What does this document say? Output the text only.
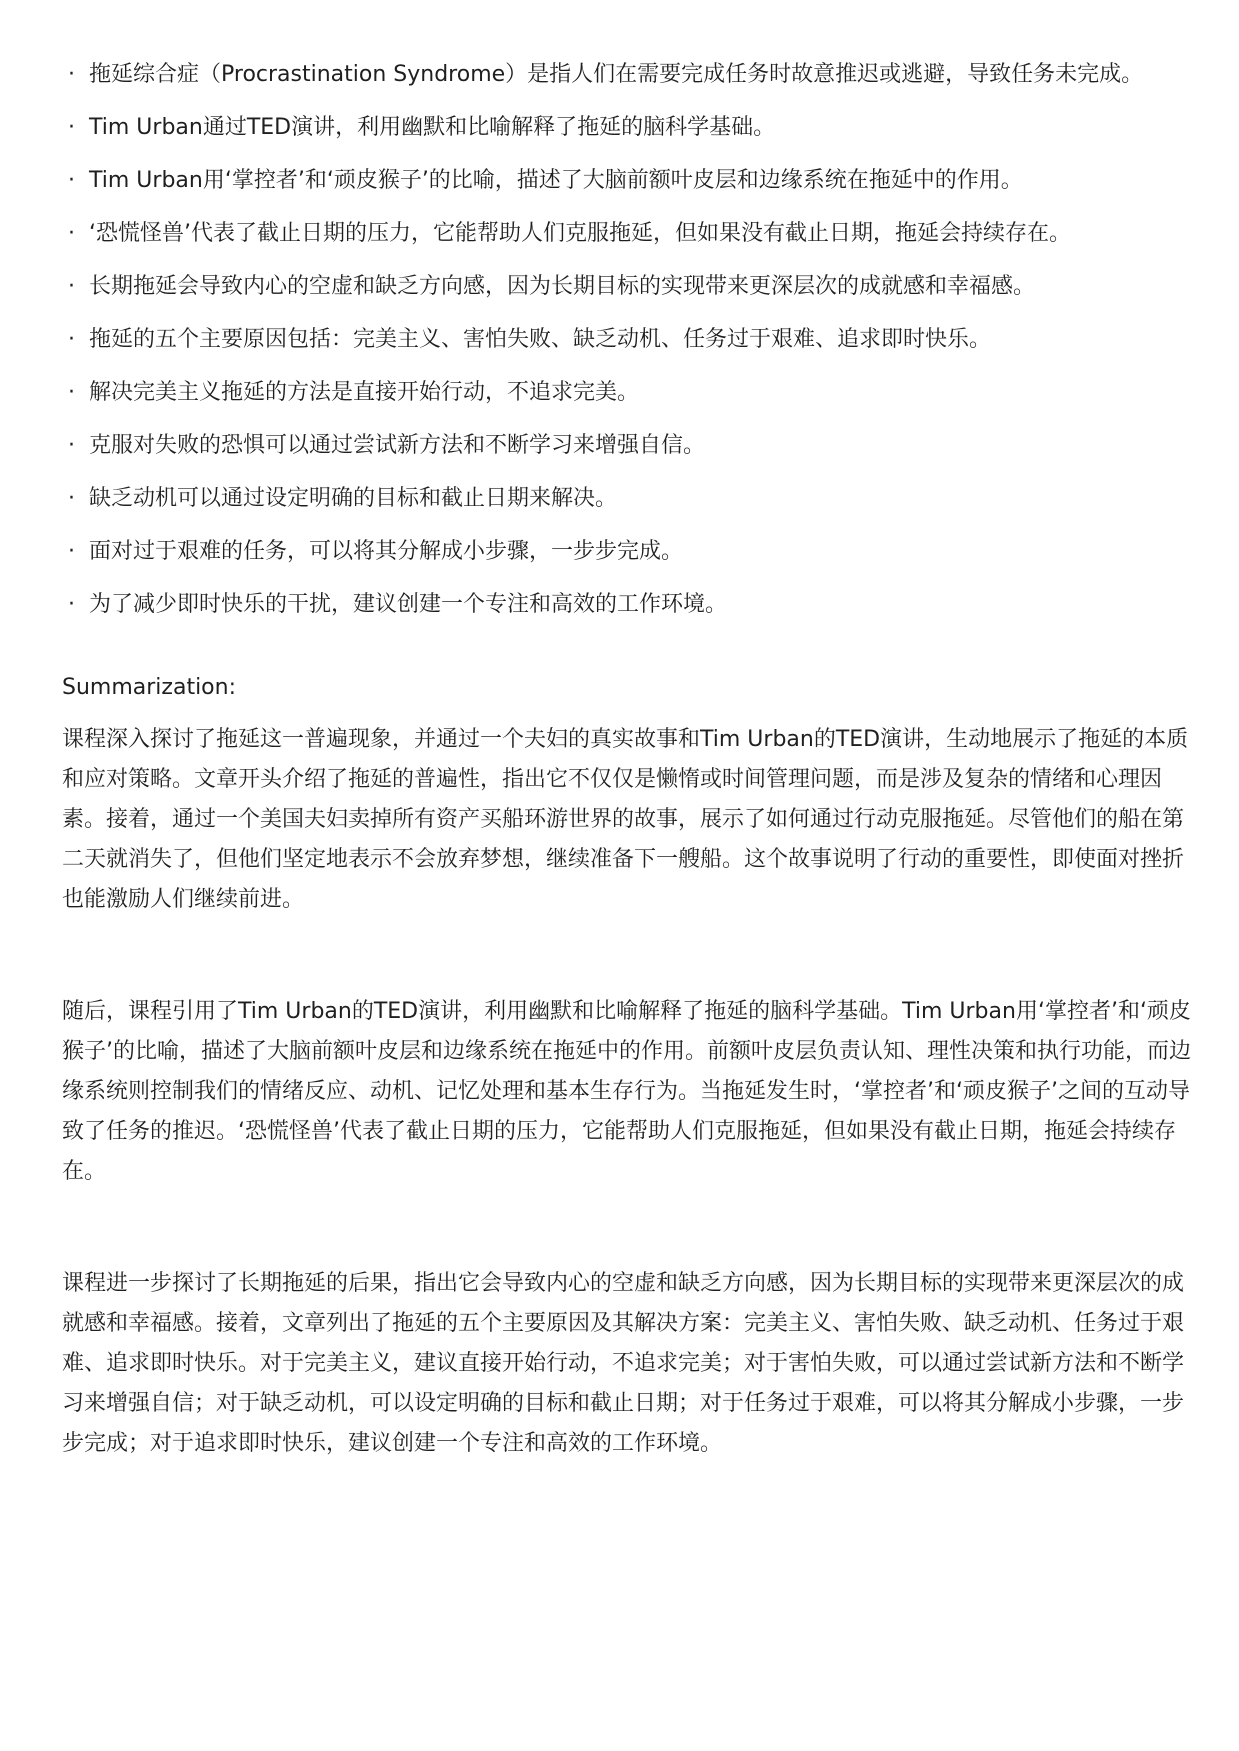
· 拖延综合症（Procrastination Syndrome）是指人们在需要完成任务时故意推迟或逃避，导致任务未完成。
· Tim Urban通过TED演讲，利用幽默和比喻解释了拖延的脑科学基础。
· Tim Urban用‘掌控者’和‘顽皮猴子’的比喻，描述了大脑前额叶皮层和边缘系统在拖延中的作用。
· ‘恐慌怪兽’代表了截止日期的压力，它能帮助人们克服拖延，但如果没有截止日期，拖延会持续存在。
· 长期拖延会导致内心的空虚和缺乏方向感，因为长期目标的实现带来更深层次的成就感和幸福感。
· 拖延的五个主要原因包括：完美主义、害怕失败、缺乏动机、任务过于艰难、追求即时快乐。
· 解决完美主义拖延的方法是直接开始行动，不追求完美。
· 克服对失败的恐惧可以通过尝试新方法和不断学习来增强自信。
· 缺乏动机可以通过设定明确的目标和截止日期来解决。
· 面对过于艰难的任务，可以将其分解成小步骤，一步步完成。
· 为了减少即时快乐的干扰，建议创建一个专注和高效的工作环境。
Summarization:

课程深入探讨了拖延这一普遍现象，并通过一个夫妇的真实故事和Tim Urban的TED演讲，生动地展示了拖延的本质和应对策略。文章开头介绍了拖延的普遍性，指出它不仅仅是懒惰或时间管理问题，而是涉及复杂的情绪和心理因素。接着，通过一个美国夫妇卖掉所有资产买船环游世界的故事，展示了如何通过行动克服拖延。尽管他们的船在第二天就消失了，但他们坚定地表示不会放弃梦想，继续准备下一艘船。这个故事说明了行动的重要性，即使面对挫折也能激励人们继续前进。

随后，课程引用了Tim Urban的TED演讲，利用幽默和比喻解释了拖延的脑科学基础。Tim Urban用‘掌控者’和‘顽皮猴子’的比喻，描述了大脑前额叶皮层和边缘系统在拖延中的作用。前额叶皮层负责认知、理性决策和执行功能，而边缘系统则控制我们的情绪反应、动机、记忆处理和基本生存行为。当拖延发生时，‘掌控者’和‘顽皮猴子’之间的互动导致了任务的推迟。‘恐慌怪兽’代表了截止日期的压力，它能帮助人们克服拖延，但如果没有截止日期，拖延会持续存在。

课程进一步探讨了长期拖延的后果，指出它会导致内心的空虚和缺乏方向感，因为长期目标的实现带来更深层次的成就感和幸福感。接着，文章列出了拖延的五个主要原因及其解决方案：完美主义、害怕失败、缺乏动机、任务过于艰难、追求即时快乐。对于完美主义，建议直接开始行动，不追求完美；对于害怕失败，可以通过尝试新方法和不断学习来增强自信；对于缺乏动机，可以设定明确的目标和截止日期；对于任务过于艰难，可以将其分解成小步骤，一步步完成；对于追求即时快乐，建议创建一个专注和高效的工作环境。
